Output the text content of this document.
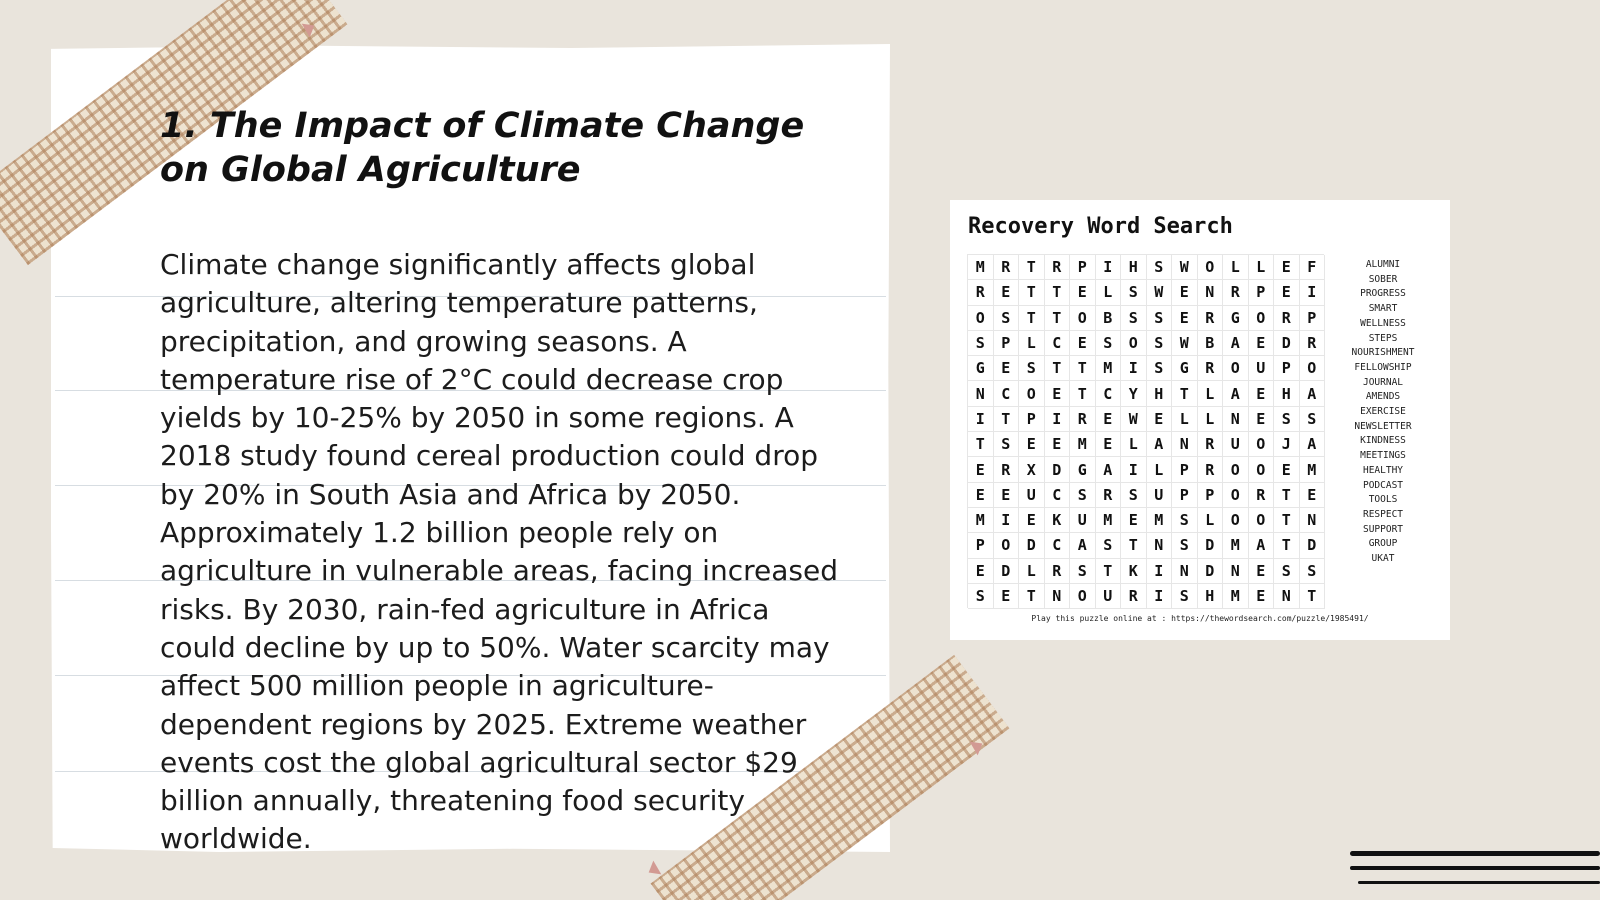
1. The Impact of Climate Change on Global Agriculture

Climate change significantly affects global agriculture, altering temperature patterns, precipitation, and growing seasons. A temperature rise of 2°C could decrease crop yields by 10-25% by 2050 in some regions. A 2018 study found cereal production could drop by 20% in South Asia and Africa by 2050. Approximately 1.2 billion people rely on agriculture in vulnerable areas, facing increased risks. By 2030, rain-fed agriculture in Africa could decline by up to 50%. Water scarcity may affect 500 million people in agriculture-dependent regions by 2025. Extreme weather events cost the global agricultural sector $29 billion annually, threatening food security worldwide.

Recovery Word Search
M	R	T	R	P	I	H	S	W	O	L	L	E	F
R	E	T	T	E	L	S	W	E	N	R	P	E	I
O	S	T	T	O	B	S	S	E	R	G	O	R	P
S	P	L	C	E	S	O	S	W	B	A	E	D	R
G	E	S	T	T	M	I	S	G	R	O	U	P	O
N	C	O	E	T	C	Y	H	T	L	A	E	H	A
I	T	P	I	R	E	W	E	L	L	N	E	S	S
T	S	E	E	M	E	L	A	N	R	U	O	J	A
E	R	X	D	G	A	I	L	P	R	O	O	E	M
E	E	U	C	S	R	S	U	P	P	O	R	T	E
M	I	E	K	U	M	E	M	S	L	O	O	T	N
P	O	D	C	A	S	T	N	S	D	M	A	T	D
E	D	L	R	S	T	K	I	N	D	N	E	S	S
S	E	T	N	O	U	R	I	S	H	M	E	N	T
ALUMNI
SOBER
PROGRESS
SMART
WELLNESS
STEPS
NOURISHMENT
FELLOWSHIP
JOURNAL
AMENDS
EXERCISE
NEWSLETTER
KINDNESS
MEETINGS
HEALTHY
PODCAST
TOOLS
RESPECT
SUPPORT
GROUP
UKAT
Play this puzzle online at : https://thewordsearch.com/puzzle/1985491/
